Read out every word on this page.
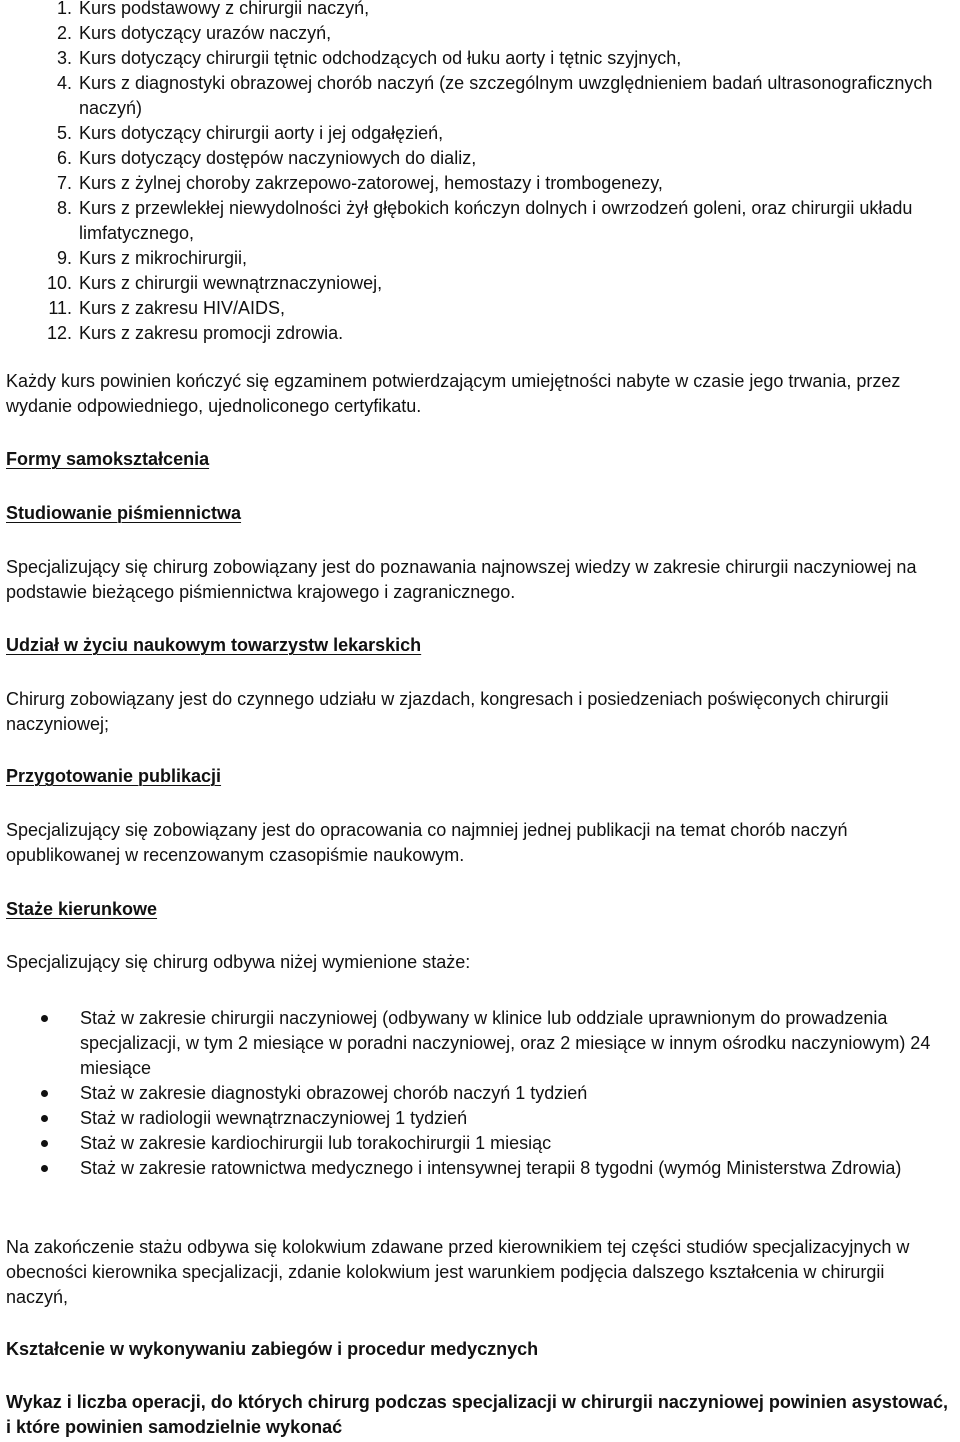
1. Kurs podstawowy z chirurgii naczyń,
2. Kurs dotyczący urazów naczyń,
3. Kurs dotyczący chirurgii tętnic odchodzących od łuku aorty i tętnic szyjnych,
4. Kurs z diagnostyki obrazowej chorób naczyń (ze szczególnym uwzględnieniem badań ultrasonograficznych naczyń)
5. Kurs dotyczący chirurgii aorty i jej odgałęzień,
6. Kurs dotyczący dostępów naczyniowych do dializ,
7. Kurs z żylnej choroby zakrzepowo-zatorowej, hemostazy i trombogenezy,
8. Kurs z przewlekłej niewydolności żył głębokich kończyn dolnych i owrzodzeń goleni, oraz chirurgii układu limfatycznego,
9. Kurs z mikrochirurgii,
10. Kurs z chirurgii wewnątrznaczyniowej,
11. Kurs z zakresu HIV/AIDS,
12. Kurs z zakresu promocji zdrowia.

Każdy kurs powinien kończyć się egzaminem potwierdzającym umiejętności nabyte w czasie jego trwania, przez wydanie odpowiedniego, ujednoliconego certyfikatu.

Formy samokształcenia

Studiowanie piśmiennictwa

Specjalizujący się chirurg zobowiązany jest do poznawania najnowszej wiedzy w zakresie chirurgii naczyniowej na podstawie bieżącego piśmiennictwa krajowego i zagranicznego.

Udział w życiu naukowym towarzystw lekarskich

Chirurg zobowiązany jest do czynnego udziału w zjazdach, kongresach i posiedzeniach poświęconych chirurgii naczyniowej;

Przygotowanie publikacji

Specjalizujący się zobowiązany jest do opracowania co najmniej jednej publikacji na temat chorób naczyń opublikowanej w recenzowanym czasopiśmie naukowym.

Staże kierunkowe

Specjalizujący się chirurg odbywa niżej wymienione staże:

Staż w zakresie chirurgii naczyniowej (odbywany w klinice lub oddziale uprawnionym do prowadzenia specjalizacji, w tym 2 miesiące w poradni naczyniowej, oraz 2 miesiące w innym ośrodku naczyniowym) 24 miesiące
Staż w zakresie diagnostyki obrazowej chorób naczyń 1 tydzień
Staż w radiologii wewnątrznaczyniowej 1 tydzień
Staż w zakresie kardiochirurgii lub torakochirurgii 1 miesiąc
Staż w zakresie ratownictwa medycznego i intensywnej terapii 8 tygodni (wymóg Ministerstwa Zdrowia)

Na zakończenie stażu odbywa się kolokwium zdawane przed kierownikiem tej części studiów specjalizacyjnych w obecności kierownika specjalizacji, zdanie kolokwium jest warunkiem podjęcia dalszego kształcenia w chirurgii naczyń,

Kształcenie w wykonywaniu zabiegów i procedur medycznych

Wykaz i liczba operacji, do których chirurg podczas specjalizacji w chirurgii naczyniowej powinien asystować, i które powinien samodzielnie wykonać
